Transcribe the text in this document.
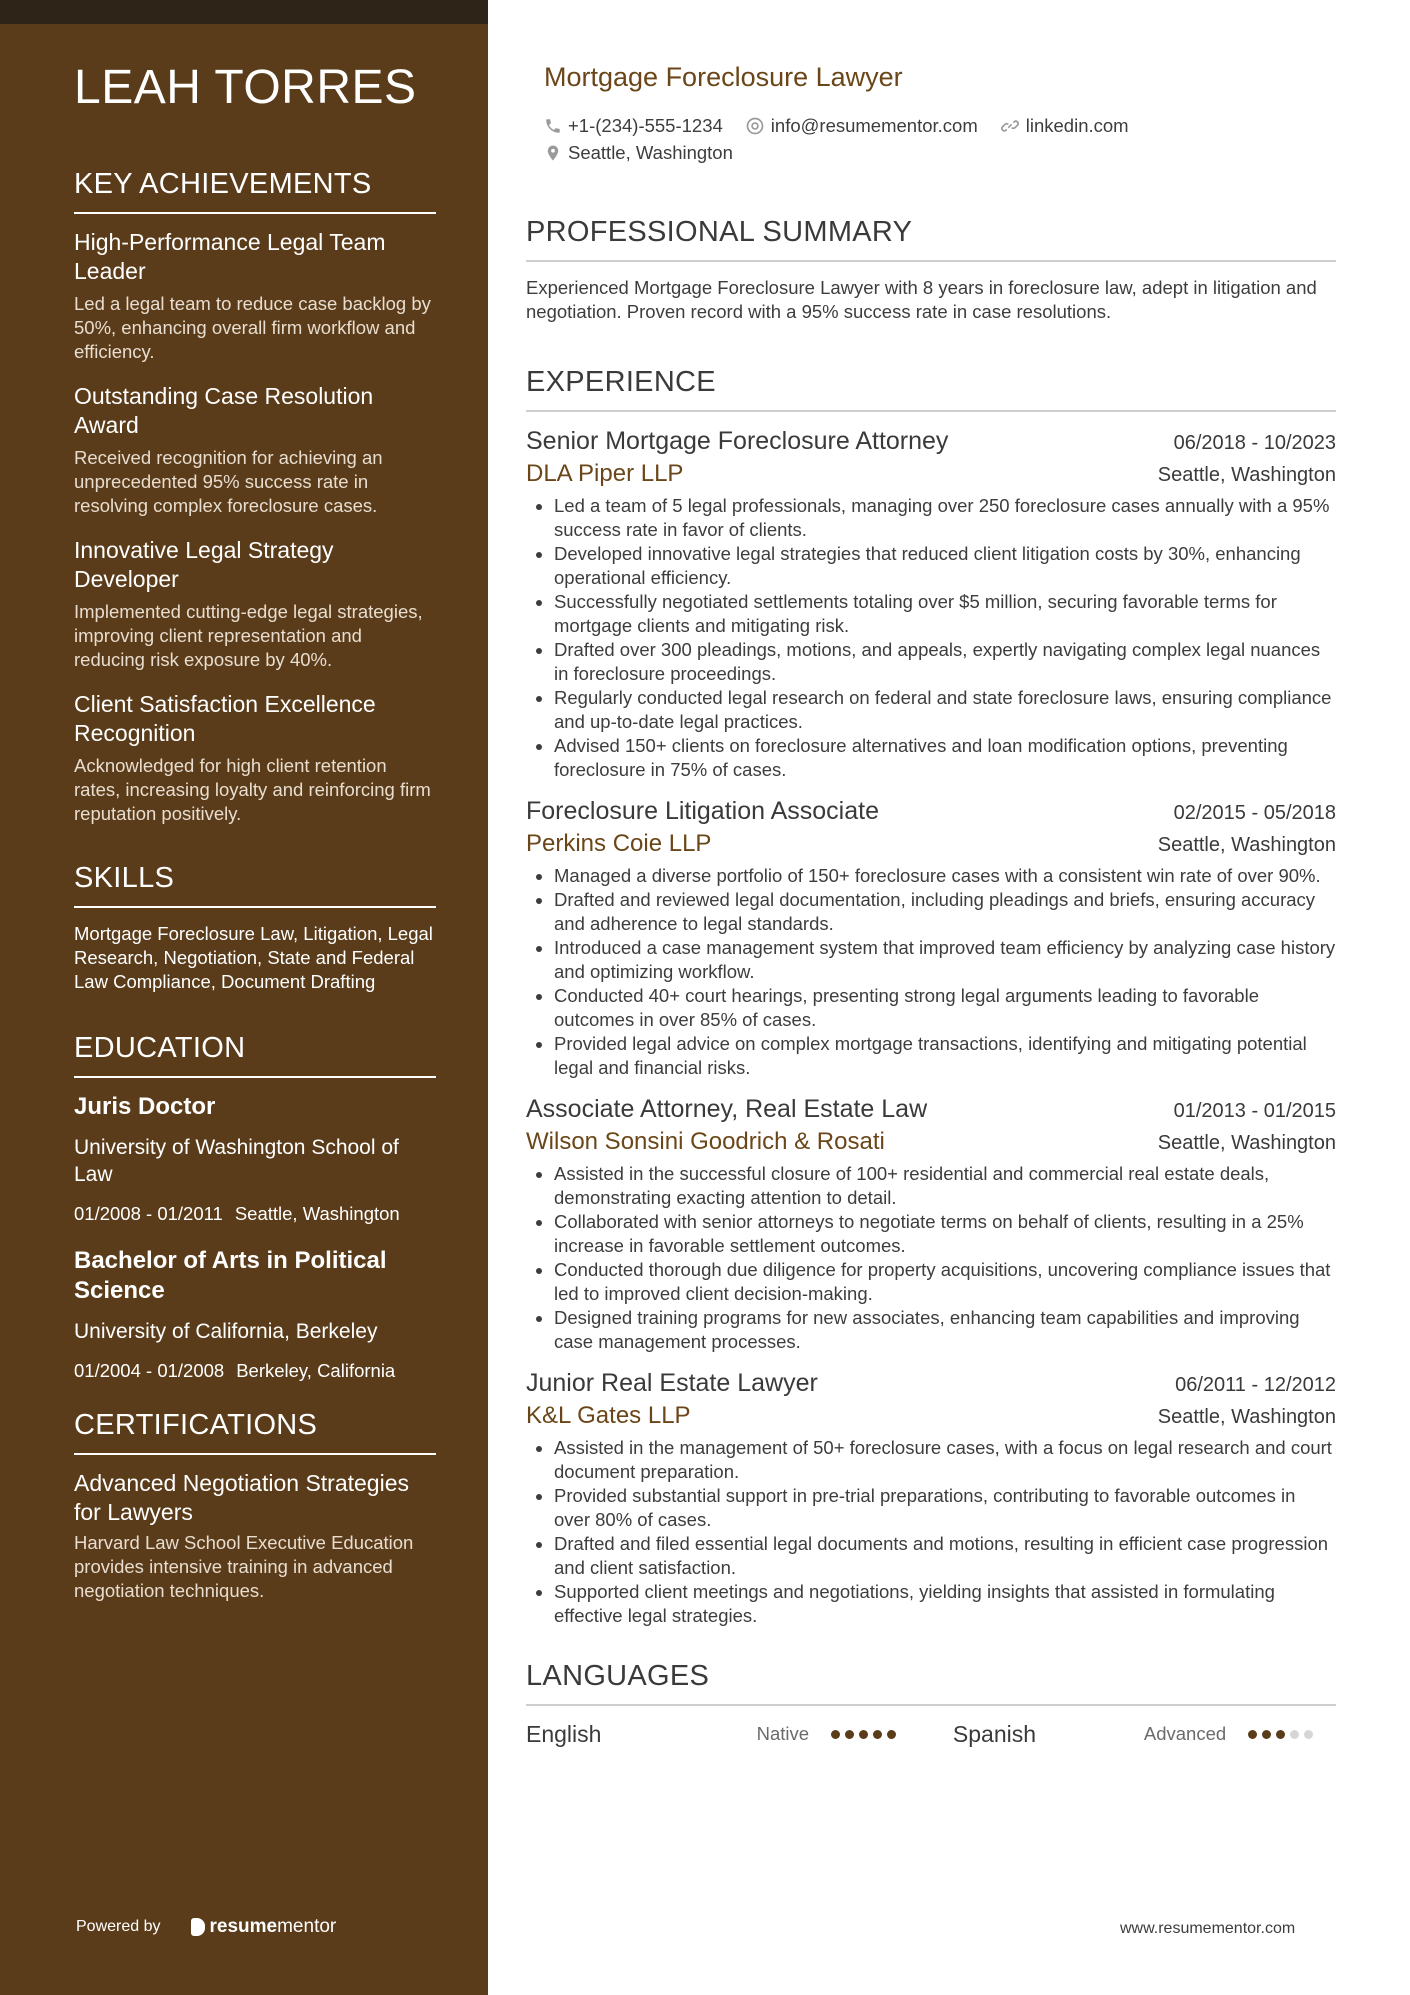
LEAH TORRES
KEY ACHIEVEMENTS

High-Performance Legal Team Leader

Led a legal team to reduce case backlog by 50%, enhancing overall firm workflow and efficiency.

Outstanding Case Resolution Award

Received recognition for achieving an unprecedented 95% success rate in resolving complex foreclosure cases.

Innovative Legal Strategy Developer

Implemented cutting-edge legal strategies, improving client representation and reducing risk exposure by 40%.

Client Satisfaction Excellence Recognition

Acknowledged for high client retention rates, increasing loyalty and reinforcing firm reputation positively.

SKILLS

Mortgage Foreclosure Law, Litigation, Legal Research, Negotiation, State and Federal Law Compliance, Document Drafting

EDUCATION

Juris Doctor

University of Washington School of Law

01/2008 - 01/2011 Seattle, Washington

Bachelor of Arts in Political Science

University of California, Berkeley

01/2004 - 01/2008 Berkeley, California

CERTIFICATIONS

Advanced Negotiation Strategies for Lawyers

Harvard Law School Executive Education provides intensive training in advanced negotiation techniques.

Powered by	resume mentor
Mortgage Foreclosure Lawyer
+1-(234)-555-1234	info@resumementor.com	linkedin.com
Seattle, Washington
PROFESSIONAL SUMMARY

Experienced Mortgage Foreclosure Lawyer with 8 years in foreclosure law, adept in litigation and negotiation. Proven record with a 95% success rate in case resolutions.

EXPERIENCE
Senior Mortgage Foreclosure Attorney	06/2018 - 10/2023
DLA Piper LLP	Seattle, Washington
• Led a team of 5 legal professionals, managing over 250 foreclosure cases annually with a 95% success rate in favor of clients.
• Developed innovative legal strategies that reduced client litigation costs by 30%, enhancing operational efficiency.
• Successfully negotiated settlements totaling over $5 million, securing favorable terms for mortgage clients and mitigating risk.
• Drafted over 300 pleadings, motions, and appeals, expertly navigating complex legal nuances in foreclosure proceedings.
• Regularly conducted legal research on federal and state foreclosure laws, ensuring compliance and up-to-date legal practices.
• Advised 150+ clients on foreclosure alternatives and loan modification options, preventing foreclosure in 75% of cases.
Foreclosure Litigation Associate	02/2015 - 05/2018
Perkins Coie LLP	Seattle, Washington
• Managed a diverse portfolio of 150+ foreclosure cases with a consistent win rate of over 90%.
• Drafted and reviewed legal documentation, including pleadings and briefs, ensuring accuracy and adherence to legal standards.
• Introduced a case management system that improved team efficiency by analyzing case history and optimizing workflow.
• Conducted 40+ court hearings, presenting strong legal arguments leading to favorable outcomes in over 85% of cases.
• Provided legal advice on complex mortgage transactions, identifying and mitigating potential legal and financial risks.
Associate Attorney, Real Estate Law	01/2013 - 01/2015
Wilson Sonsini Goodrich & Rosati	Seattle, Washington
• Assisted in the successful closure of 100+ residential and commercial real estate deals, demonstrating exacting attention to detail.
• Collaborated with senior attorneys to negotiate terms on behalf of clients, resulting in a 25% increase in favorable settlement outcomes.
• Conducted thorough due diligence for property acquisitions, uncovering compliance issues that led to improved client decision-making.
• Designed training programs for new associates, enhancing team capabilities and improving case management processes.
Junior Real Estate Lawyer	06/2011 - 12/2012
K&L Gates LLP	Seattle, Washington
• Assisted in the management of 50+ foreclosure cases, with a focus on legal research and court document preparation.
• Provided substantial support in pre-trial preparations, contributing to favorable outcomes in over 80% of cases.
• Drafted and filed essential legal documents and motions, resulting in efficient case progression and client satisfaction.
• Supported client meetings and negotiations, yielding insights that assisted in formulating effective legal strategies.
LANGUAGES
English	Native	Spanish	Advanced
www.resumementor.com
